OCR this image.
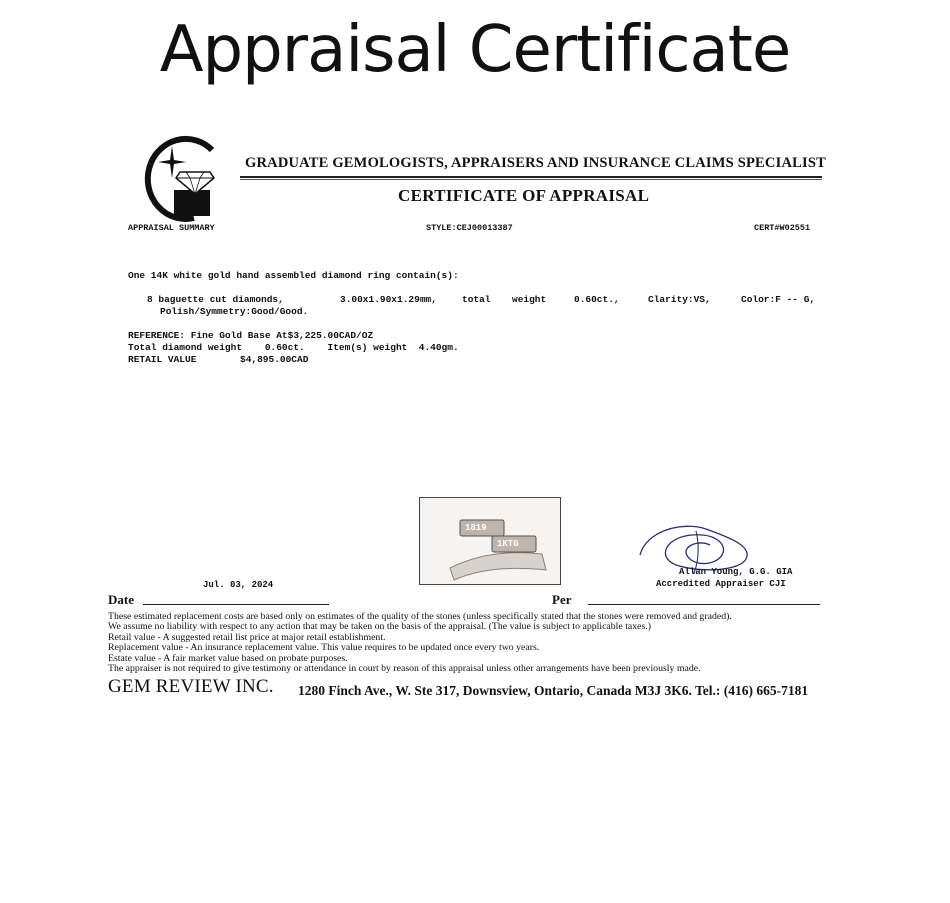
Appraisal Certificate
GRADUATE GEMOLOGISTS, APPRAISERS AND INSURANCE CLAIMS SPECIALIST
CERTIFICATE OF APPRAISAL
APPRAISAL SUMMARY	STYLE:CEJ00013387	CERT#W02551
One 14K white gold hand assembled diamond ring contain(s):
8 baguette cut diamonds,	3.00x1.90x1.29mm,	total weight	0.60ct.,	Clarity:VS,	Color:F -- G,
Polish/Symmetry:Good/Good.
REFERENCE: Fine Gold Base At$3,225.00CAD/OZ
Total diamond weight    0.60ct.    Item(s) weight  4.40gm.
RETAIL VALUE	$4,895.00CAD
1819
1KTG
Allan Young, G.G. GIA
Accredited Appraiser CJI
Jul. 03, 2024
Date	Per
These estimated replacement costs are based only on estimates of the quality of the stones (unless specifically stated that the stones were removed and graded).
We assume no liability with respect to any action that may be taken on the basis of the appraisal. (The value is subject to applicable taxes.)
Retail value - A suggested retail list price at major retail establishment.
Replacement value - An insurance replacement value. This value requires to be updated once every two years.
Estate value - A fair market value based on probate purposes.
The appraiser is not required to give testimony or attendance in court by reason of this appraisal unless other arrangements have been previously made.
GEM REVIEW INC. 1280 Finch Ave., W. Ste 317, Downsview, Ontario, Canada M3J 3K6. Tel.: (416) 665-7181
